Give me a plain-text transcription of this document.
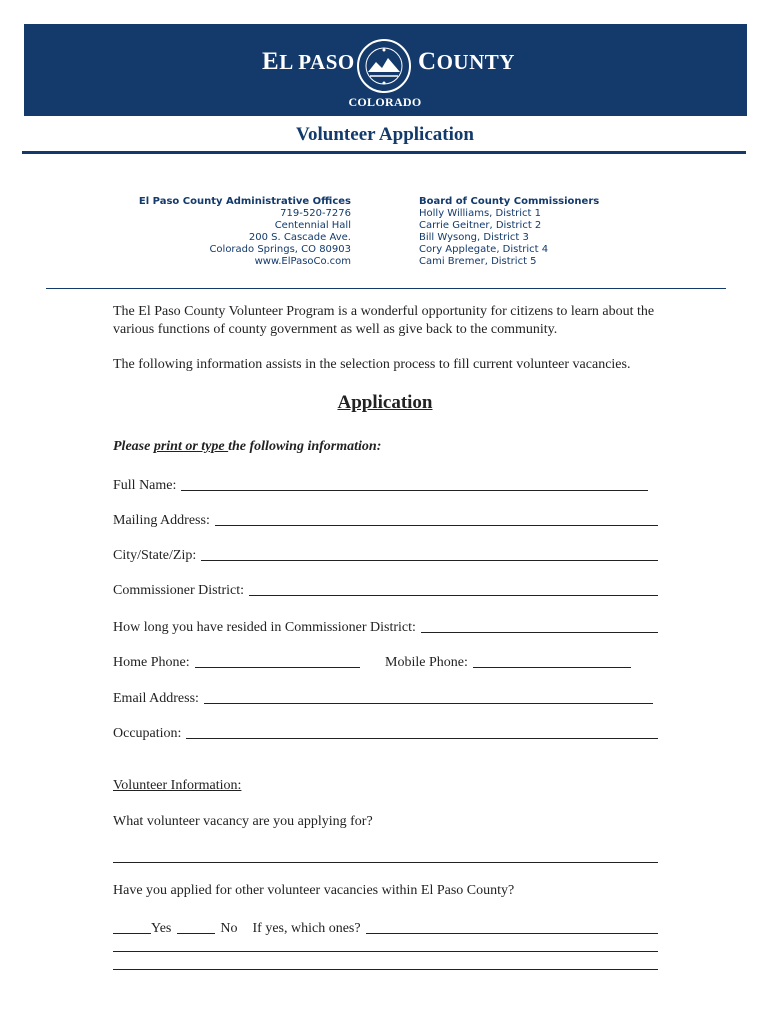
EL PASO	COUNTY
COLORADO
Volunteer Application
El Paso County Administrative Offices
719-520-7276
Centennial Hall
200 S. Cascade Ave.
Colorado Springs, CO 80903
www.ElPasoCo.com
Board of County Commissioners
Holly Williams, District 1
Carrie Geitner, District 2
Bill Wysong, District 3
Cory Applegate, District 4
Cami Bremer, District 5
The El Paso County Volunteer Program is a wonderful opportunity for citizens to learn about the various functions of county government as well as give back to the community.
The following information assists in the selection process to fill current volunteer vacancies.
Application
Please print or type the following information:
Full Name:
Mailing Address:
City/State/Zip:
Commissioner District:
How long you have resided in Commissioner District:
Home Phone:	Mobile Phone:
Email Address:
Occupation:
Volunteer Information:
What volunteer vacancy are you applying for?
Have you applied for other volunteer vacancies within El Paso County?
Yes	No If yes, which ones?
